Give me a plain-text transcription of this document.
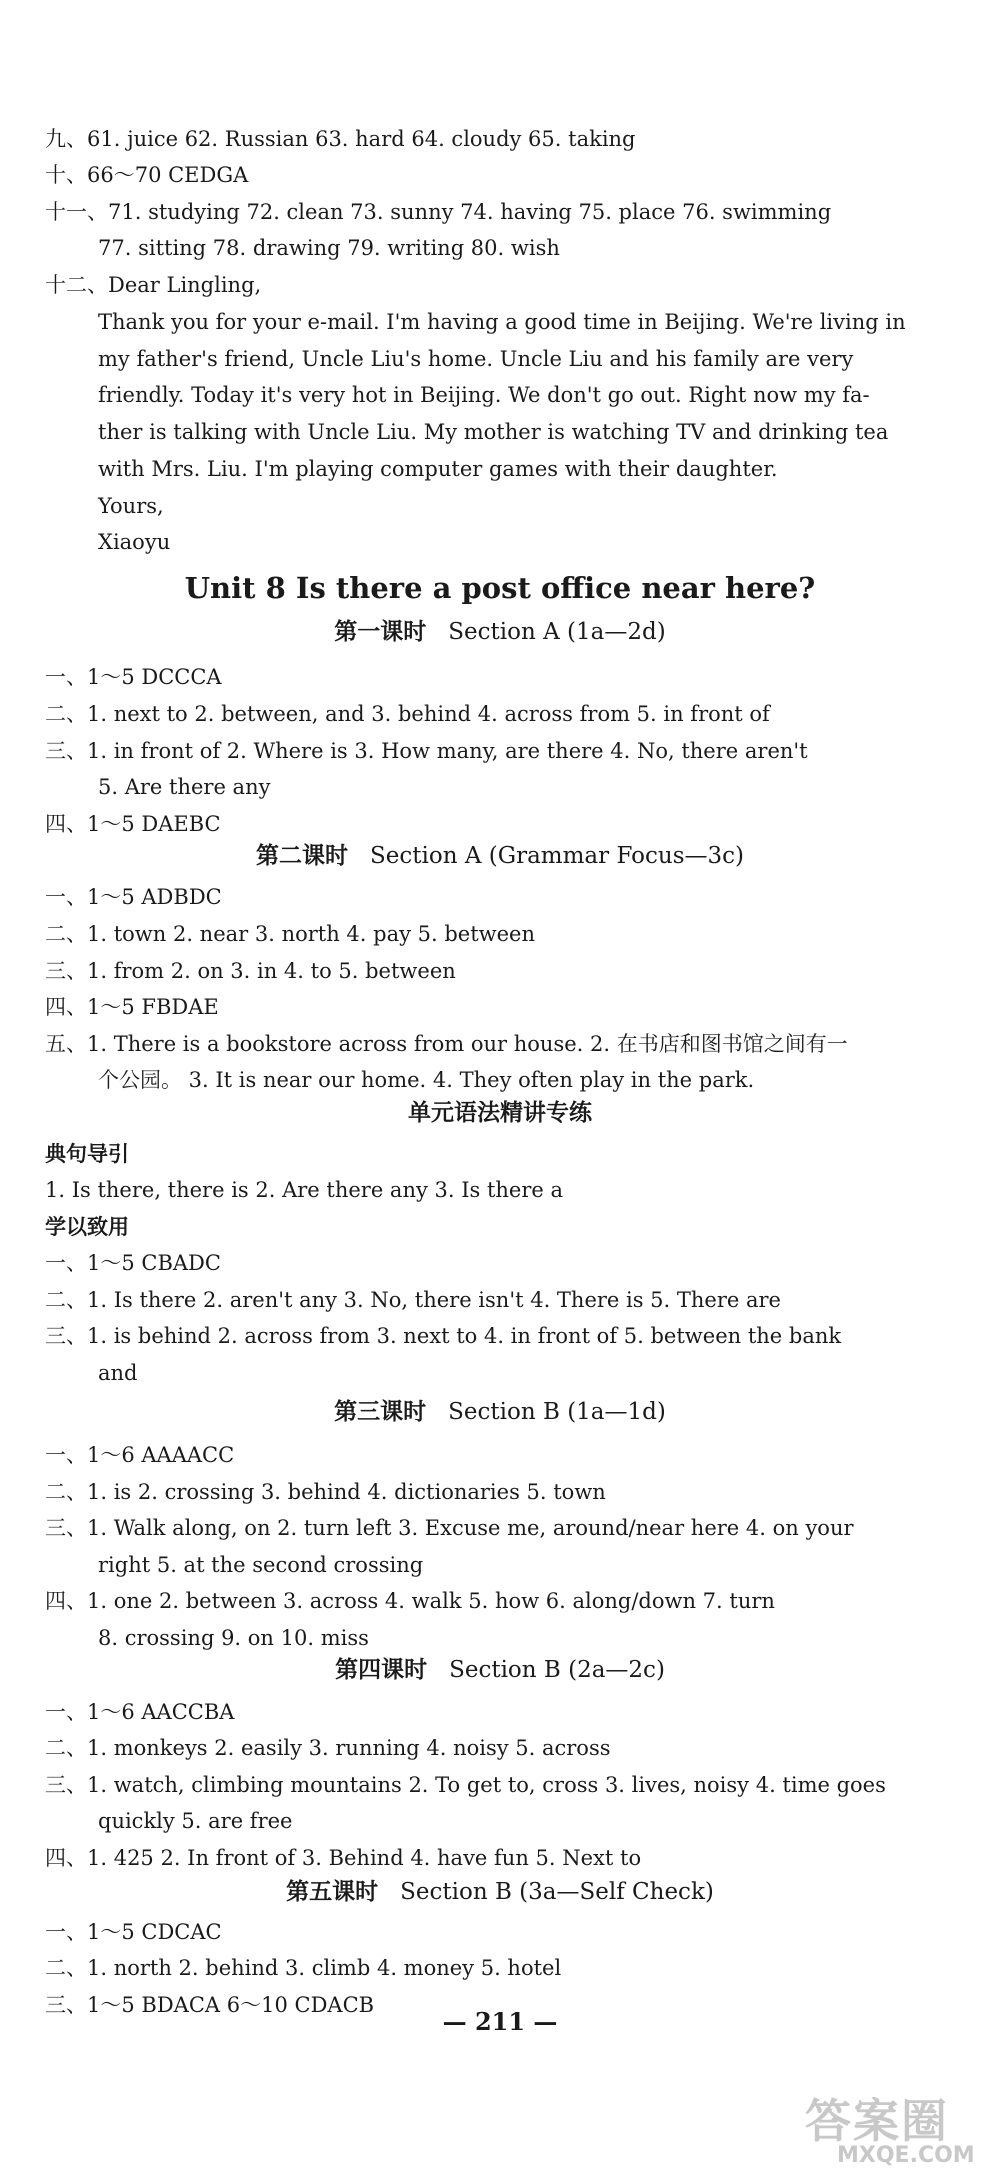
九、61. juice 62. Russian 63. hard 64. cloudy 65. taking
十、66～70 CEDGA
十一、71. studying 72. clean 73. sunny 74. having 75. place 76. swimming
77. sitting 78. drawing 79. writing 80. wish
十二、Dear Lingling,
Thank you for your e-mail. I'm having a good time in Beijing. We're living in
my father's friend, Uncle Liu's home. Uncle Liu and his family are very
friendly. Today it's very hot in Beijing. We don't go out. Right now my fa-
ther is talking with Uncle Liu. My mother is watching TV and drinking tea
with Mrs. Liu. I'm playing computer games with their daughter.
Yours,
Xiaoyu
Unit 8 Is there a post office near here?
第一课时 Section A (1a—2d)
一、1～5 DCCCA
二、1. next to 2. between, and 3. behind 4. across from 5. in front of
三、1. in front of 2. Where is 3. How many, are there 4. No, there aren't
5. Are there any
四、1～5 DAEBC
第二课时 Section A (Grammar Focus—3c)
一、1～5 ADBDC
二、1. town 2. near 3. north 4. pay 5. between
三、1. from 2. on 3. in 4. to 5. between
四、1～5 FBDAE
五、1. There is a bookstore across from our house. 2. 在书店和图书馆之间有一
个公园。 3. It is near our home. 4. They often play in the park.
单元语法精讲专练
典句导引
1. Is there, there is 2. Are there any 3. Is there a
学以致用
一、1～5 CBADC
二、1. Is there 2. aren't any 3. No, there isn't 4. There is 5. There are
三、1. is behind 2. across from 3. next to 4. in front of 5. between the bank
and
第三课时 Section B (1a—1d)
一、1～6 AAAACC
二、1. is 2. crossing 3. behind 4. dictionaries 5. town
三、1. Walk along, on 2. turn left 3. Excuse me, around/near here 4. on your
right 5. at the second crossing
四、1. one 2. between 3. across 4. walk 5. how 6. along/down 7. turn
8. crossing 9. on 10. miss
第四课时 Section B (2a—2c)
一、1～6 AACCBA
二、1. monkeys 2. easily 3. running 4. noisy 5. across
三、1. watch, climbing mountains 2. To get to, cross 3. lives, noisy 4. time goes
quickly 5. are free
四、1. 425 2. In front of 3. Behind 4. have fun 5. Next to
第五课时 Section B (3a—Self Check)
一、1～5 CDCAC
二、1. north 2. behind 3. climb 4. money 5. hotel
三、1～5 BDACA 6～10 CDACB
— 211 —
答案圈
MXQE.COM
